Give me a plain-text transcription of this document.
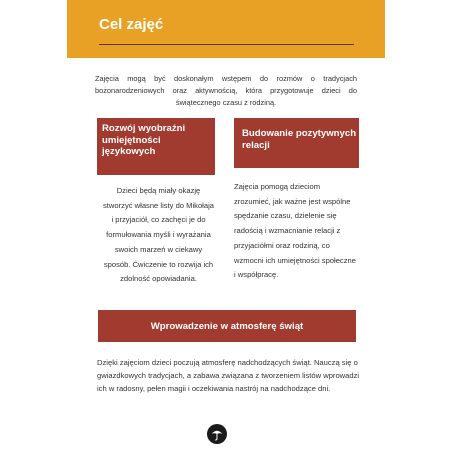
Cel zajęć
Zajęcia mogą być doskonałym wstępem do rozmów o tradycjach bożonarodzeniowych oraz aktywnością, która przygotowuje dzieci do świątecznego czasu z rodziną.
Rozwój wyobraźni umiejętności językowych
Budowanie pozytywnych relacji
Dzieci będą miały okazję stworzyć własne listy do Mikołaja i przyjaciół, co zachęci je do formułowania myśli i wyrażania swoich marzeń w ciekawy sposób. Ćwiczenie to rozwija ich zdolność opowiadania.
Zajęcia pomogą dzieciom zrozumieć, jak ważne jest wspólne spędzanie czasu, dzielenie się radością i wzmacnianie relacji z przyjaciółmi oraz rodziną, co wzmocni ich umiejętności społeczne i współpracę.
Wprowadzenie w atmosferę świąt
Dzięki zajęciom dzieci poczują atmosferę nadchodzących świąt. Nauczą się o gwiazdkowych tradycjach, a zabawa związana z tworzeniem listów wprowadzi ich w radosny, pełen magii i oczekiwania nastrój na nadchodzące dni.
